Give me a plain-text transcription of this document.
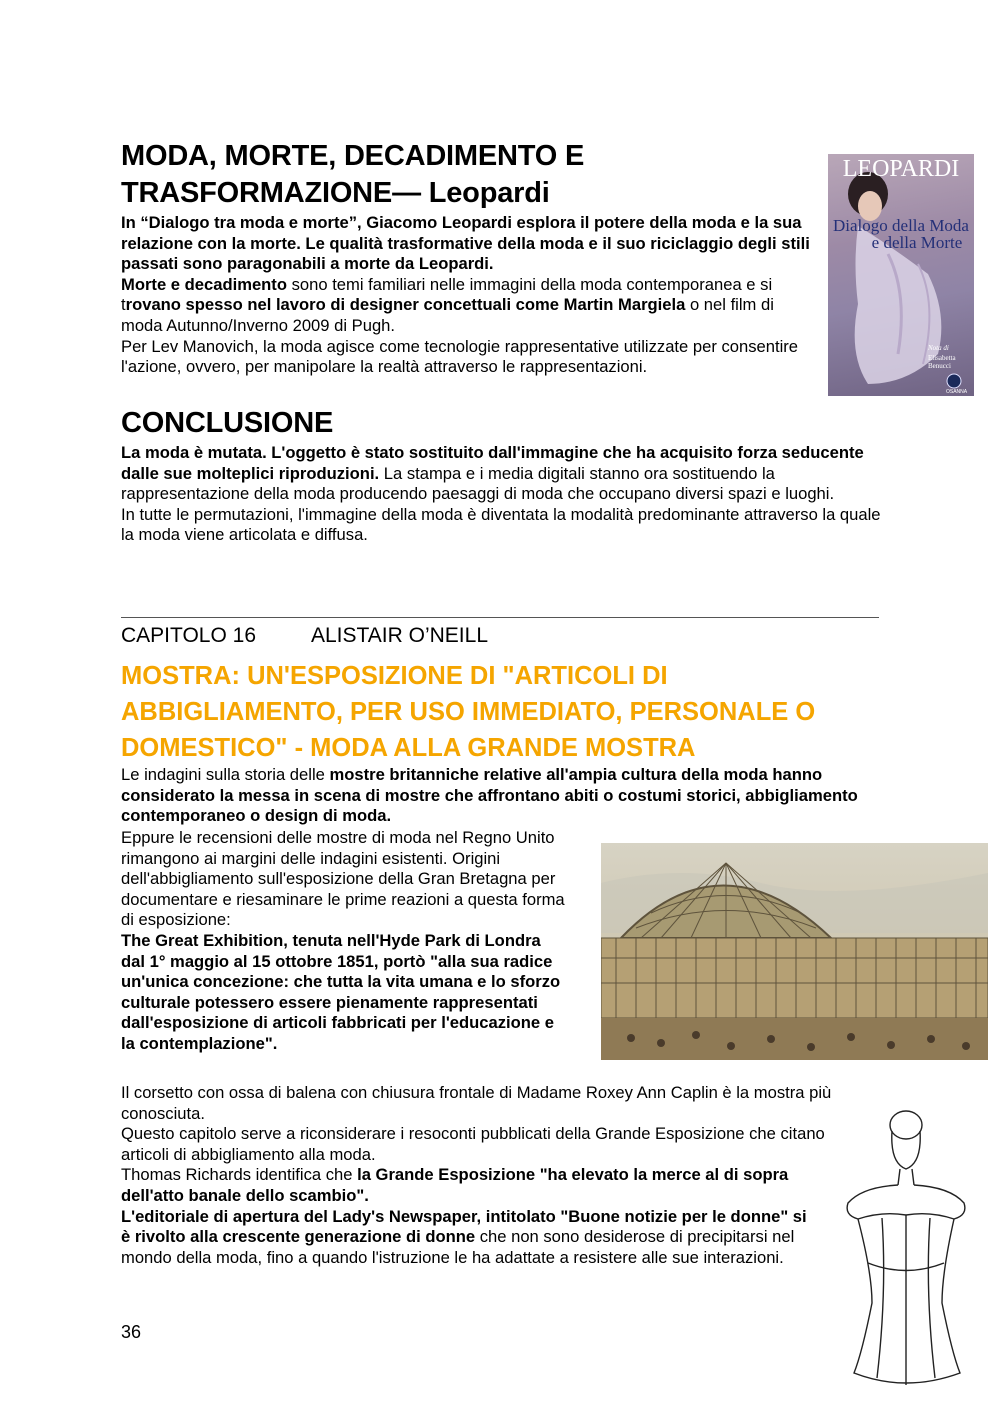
MODA, MORTE, DECADIMENTO E
TRASFORMAZIONE— Leopardi
In “Dialogo tra moda e morte”, Giacomo Leopardi esplora il potere della moda e la sua relazione con la morte. Le qualità trasformative della moda e il suo riciclaggio degli stili passati sono paragonabili a morte da Leopardi.
Morte e decadimento sono temi familiari nelle immagini della moda contemporanea e si trovano spesso nel lavoro di designer concettuali come Martin Margiela o nel film di moda Autunno/Inverno 2009 di Pugh.
Per Lev Manovich, la moda agisce come tecnologie rappresentative utilizzate per consentire l'azione, ovvero, per manipolare la realtà attraverso le rappresentazioni.
LEOPARDI
Dialogo della Moda
e della Morte
Nota di
Elisabetta Benucci
OSANNA
CONCLUSIONE
La moda è mutata. L'oggetto è stato sostituito dall'immagine che ha acquisito forza seducente dalle sue molteplici riproduzioni. La stampa e i media digitali stanno ora sostituendo la rappresentazione della moda producendo paesaggi di moda che occupano diversi spazi e luoghi.
In tutte le permutazioni, l'immagine della moda è diventata la modalità predominante attraverso la quale la moda viene articolata e diffusa.
CAPITOLO 16	ALISTAIR O’NEILL
MOSTRA: UN'ESPOSIZIONE DI "ARTICOLI DI ABBIGLIAMENTO, PER USO IMMEDIATO, PERSONALE O DOMESTICO" - MODA ALLA GRANDE MOSTRA
Le indagini sulla storia delle mostre britanniche relative all'ampia cultura della moda hanno considerato la messa in scena di mostre che affrontano abiti o costumi storici, abbigliamento contemporaneo o design di moda.
Eppure le recensioni delle mostre di moda nel Regno Unito rimangono ai margini delle indagini esistenti. Origini dell'abbigliamento sull'esposizione della Gran Bretagna per documentare e riesaminare le prime reazioni a questa forma di esposizione:
The Great Exhibition, tenuta nell'Hyde Park di Londra dal 1° maggio al 15 ottobre 1851, portò "alla sua radice un'unica concezione: che tutta la vita umana e lo sforzo culturale potessero essere pienamente rappresentati dall'esposizione di articoli fabbricati per l'educazione e la contemplazione".
Il corsetto con ossa di balena con chiusura frontale di Madame Roxey Ann Caplin è la mostra più conosciuta.
Questo capitolo serve a riconsiderare i resoconti pubblicati della Grande Esposizione che citano articoli di abbigliamento alla moda.
Thomas Richards identifica che la Grande Esposizione "ha elevato la merce al di sopra dell'atto banale dello scambio".
L'editoriale di apertura del Lady's Newspaper, intitolato "Buone notizie per le donne" si è rivolto alla crescente generazione di donne che non sono desiderose di precipitarsi nel mondo della moda, fino a quando l'istruzione le ha adattate a resistere alle sue interazioni.
36
